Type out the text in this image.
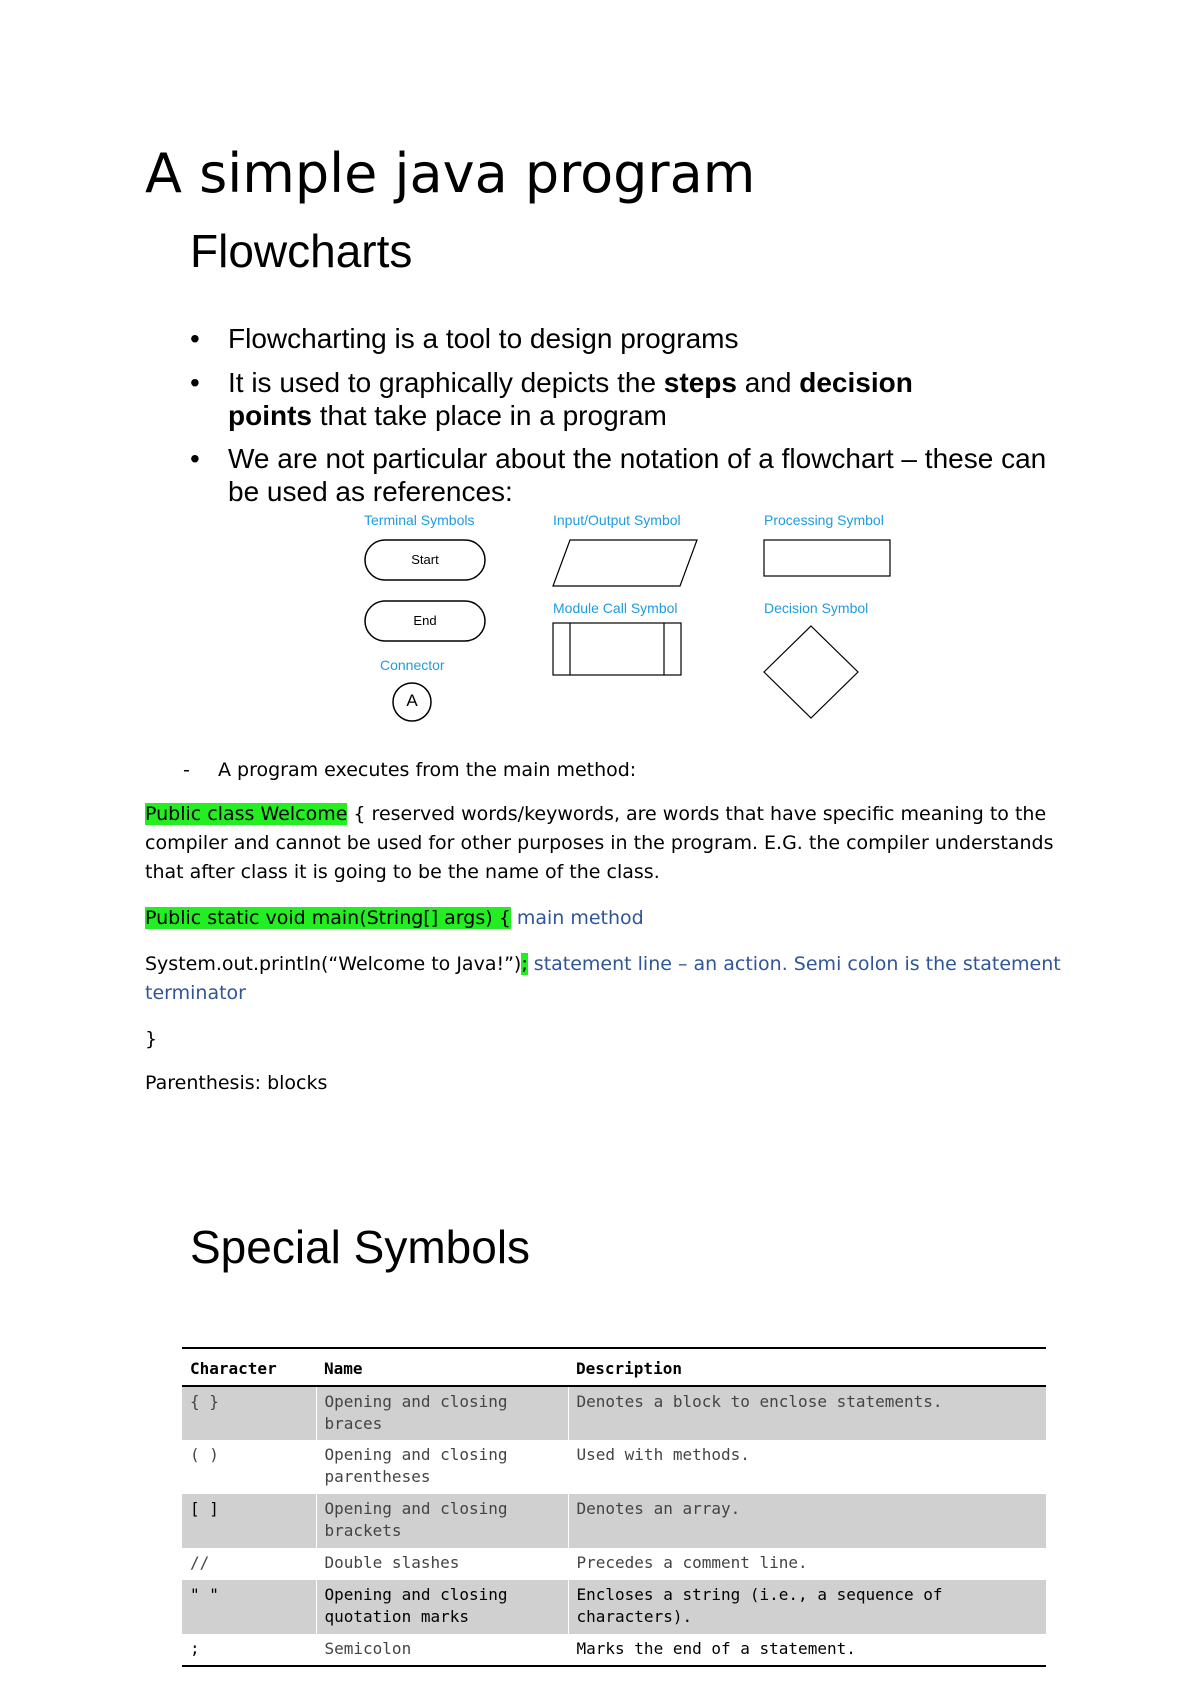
A simple java program
Flowcharts
• Flowcharting is a tool to design programs
• It is used to graphically depicts the steps and decision
points that take place in a program
• We are not particular about the notation of a flowchart – these can be used as references:
Terminal Symbols	Input/Output Symbol	Processing Symbol
Module Call Symbol	Decision Symbol
Connector
Start
End
A
- A program executes from the main method:
Public class Welcome { reserved words/keywords, are words that have specific meaning to the compiler and cannot be used for other purposes in the program. E.G. the compiler understands that after class it is going to be the name of the class.
Public static void main(String[] args) { main method
System.out.println(“Welcome to Java!”); statement line – an action. Semi colon is the statement terminator
}
Parenthesis: blocks
Special Symbols
Character	Name	Description
{ }	Opening and closing braces	Denotes a block to enclose statements.
( )	Opening and closing parentheses	Used with methods.
[ ]	Opening and closing brackets	Denotes an array.
//	Double slashes	Precedes a comment line.
" "	Opening and closing quotation marks	Encloses a string (i.e., a sequence of characters).
;	Semicolon	Marks the end of a statement.
